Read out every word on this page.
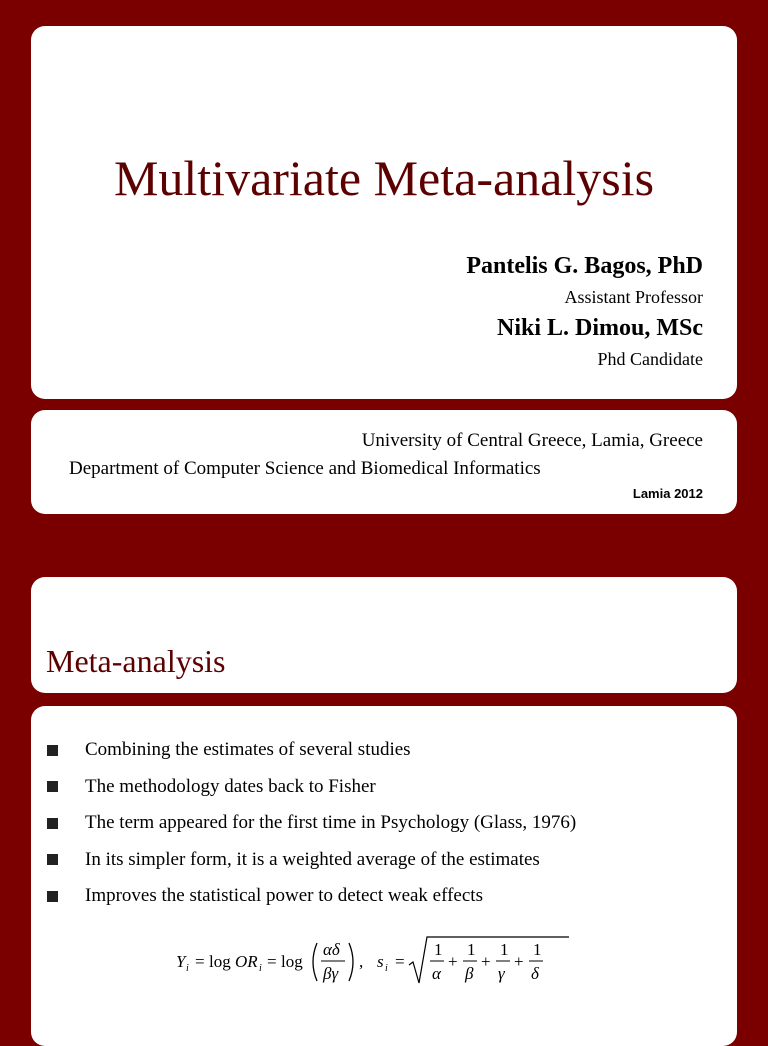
Multivariate Meta-analysis
Pantelis G. Bagos, PhD
Assistant Professor
Niki L. Dimou, MSc
Phd Candidate
University of Central Greece, Lamia, Greece
Department of Computer Science and Biomedical Informatics
Lamia 2012
Meta-analysis
Combining the estimates of several studies
The methodology dates back to Fisher
The term appeared for the first time in Psychology (Glass, 1976)
In its simpler form, it is a weighted average of the estimates
Improves the statistical power to detect weak effects
Y i = log OR i = log
αδ
βγ
, s i =
1
α
+
1
β
+
1
γ
+
1
δ
